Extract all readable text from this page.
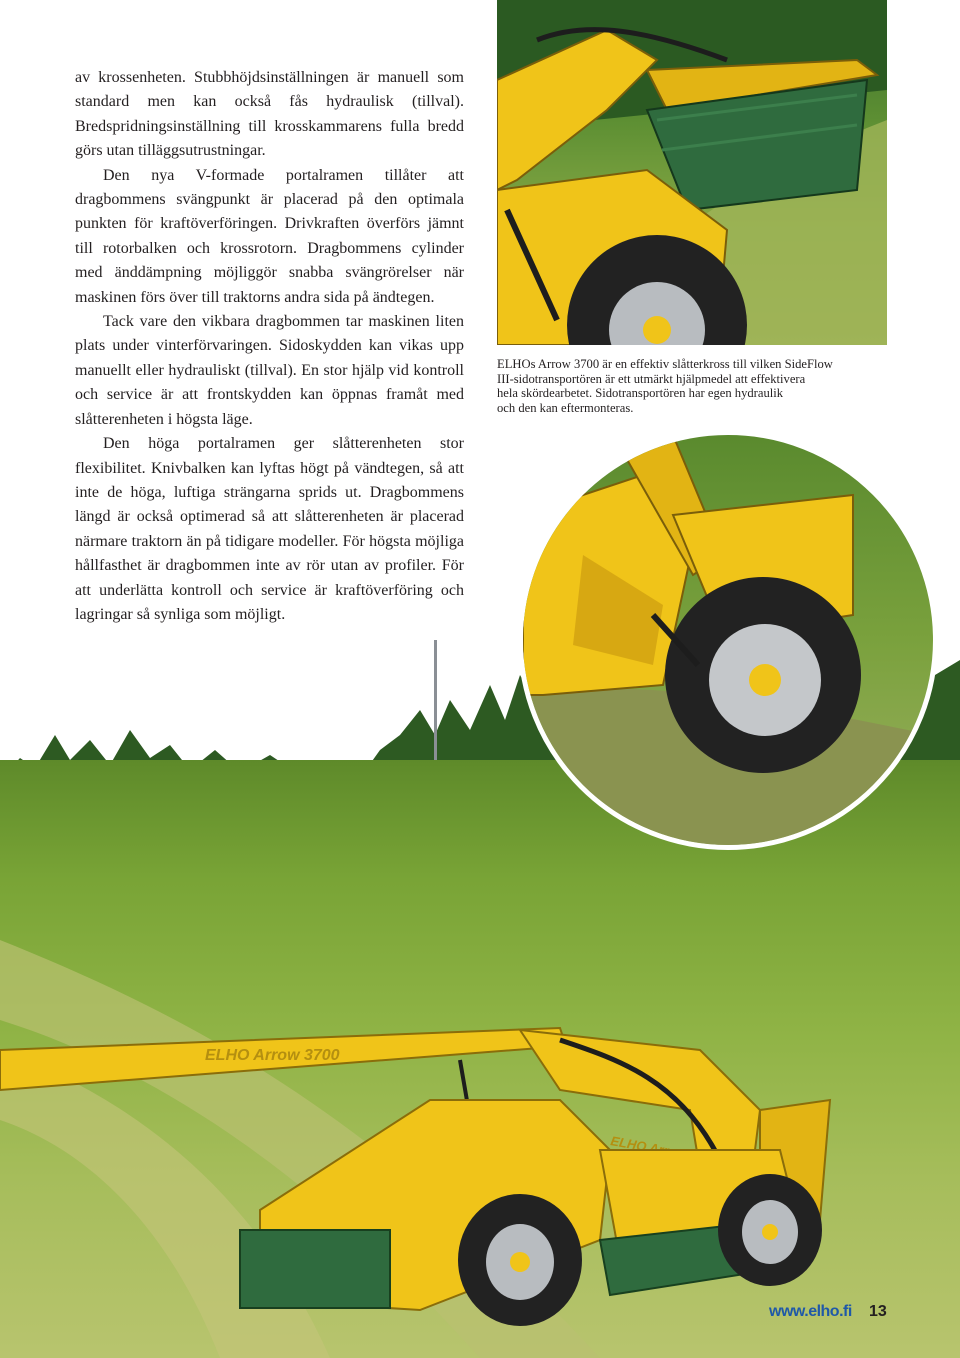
ELHO Arrow 3700

av krossenheten. Stubbhöjdsinställningen är manuell som standard men kan också fås hydraulisk (tillval). Bredspridningsinställning till krosskammarens fulla bredd görs utan tilläggsutrustningar.

Den nya V-formade portalramen tillåter att dragbommens svängpunkt är placerad på den optimala punkten för kraftöverföringen. Drivkraften överförs jämnt till rotorbalken och krossrotorn. Dragbommens cylinder med änddämpning möjliggör snabba svängrörelser när maskinen förs över till traktorns andra sida på ändtegen.

Tack vare den vikbara dragbommen tar maskinen liten plats under vinterförvaringen. Sidoskydden kan vikas upp manuellt eller hydrauliskt (tillval). En stor hjälp vid kontroll och service är att frontskydden kan öppnas framåt med slåtterenheten i högsta läge.

Den höga portalramen ger slåtterenheten stor flexibilitet. Knivbalken kan lyftas högt på vändtegen, så att inte de höga, luftiga strängarna sprids ut. Dragbommens längd är också optimerad så att slåtterenheten är placerad närmare traktorn än på tidigare modeller. För högsta möjliga hållfasthet är dragbommen inte av rör utan av profiler. För att underlätta kontroll och service är kraftöverföring och lagringar så synliga som möjligt.

ELHOs Arrow 3700 är en effektiv slåtterkross till vilken SideFlow
III-sidotransportören är ett utmärkt hjälpmedel att effektivera
hela skördearbetet. Sidotransportören har egen hydraulik
och den kan eftermonteras.
www.elho.fi 13
